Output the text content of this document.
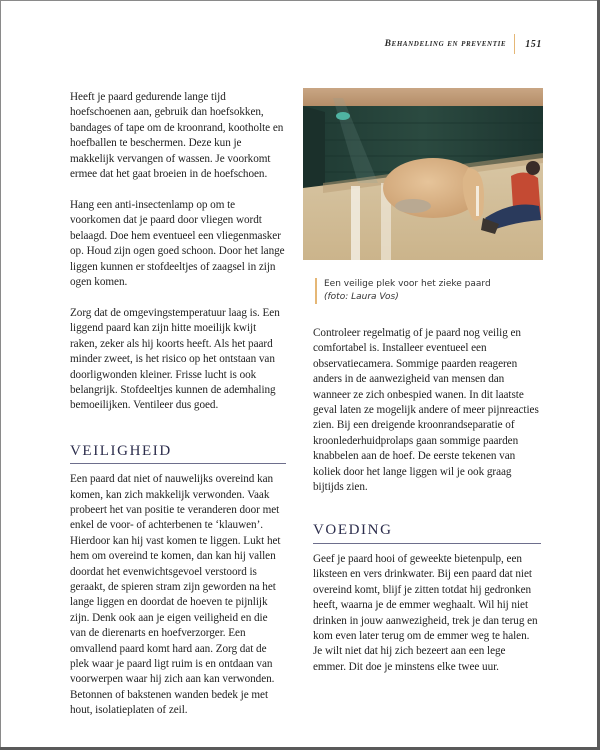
Behandeling en preventie 151

Heeft je paard gedurende lange tijd hoefschoenen aan, gebruik dan hoefsokken, bandages of tape om de kroonrand, kootholte en hoefballen te beschermen. Deze kun je makkelijk vervangen of wassen. Je voorkomt ermee dat het gaat broeien in de hoefschoen.

Hang een anti-insectenlamp op om te voorkomen dat je paard door vliegen wordt belaagd. Doe hem eventueel een vliegenmasker op. Houd zijn ogen goed schoon. Door het lange liggen kunnen er stofdeeltjes of zaagsel in zijn ogen komen.

Zorg dat de omgevingstemperatuur laag is. Een liggend paard kan zijn hitte moeilijk kwijt raken, zeker als hij koorts heeft. Als het paard minder zweet, is het risico op het ontstaan van doorligwonden kleiner. Frisse lucht is ook belangrijk. Stofdeeltjes kunnen de ademhaling bemoeilijken. Ventileer dus goed.

VEILIGHEID

Een paard dat niet of nauwelijks overeind kan komen, kan zich makkelijk verwonden. Vaak probeert het van positie te veranderen door met enkel de voor- of achterbenen te ‘klauwen’. Hierdoor kan hij vast komen te liggen. Lukt het hem om overeind te komen, dan kan hij vallen doordat het evenwichtsgevoel verstoord is geraakt, de spieren stram zijn geworden na het lange liggen en doordat de hoeven te pijnlijk zijn. Denk ook aan je eigen veiligheid en die van de dierenarts en hoefverzorger. Een omvallend paard komt hard aan. Zorg dat de plek waar je paard ligt ruim is en ontdaan van voorwerpen waar hij zich aan kan verwonden. Betonnen of bakstenen wanden bedek je met hout, isolatieplaten of zeil.

Een veilige plek voor het zieke paard
(foto: Laura Vos)

Controleer regelmatig of je paard nog veilig en comfortabel is. Installeer eventueel een observatiecamera. Sommige paarden reageren anders in de aanwezigheid van mensen dan wanneer ze zich onbespied wanen. In dit laatste geval laten ze mogelijk andere of meer pijnreacties zien. Bij een dreigende kroonrandseparatie of kroonlederhuidprolaps gaan sommige paarden knabbelen aan de hoef. De eerste tekenen van koliek door het lange liggen wil je ook graag bijtijds zien.

VOEDING

Geef je paard hooi of geweekte bietenpulp, een liksteen en vers drinkwater. Bij een paard dat niet overeind komt, blijf je zitten totdat hij gedronken heeft, waarna je de emmer weghaalt. Wil hij niet drinken in jouw aanwezigheid, trek je dan terug en kom even later terug om de emmer weg te halen. Je wilt niet dat hij zich bezeert aan een lege emmer. Dit doe je minstens elke twee uur.
